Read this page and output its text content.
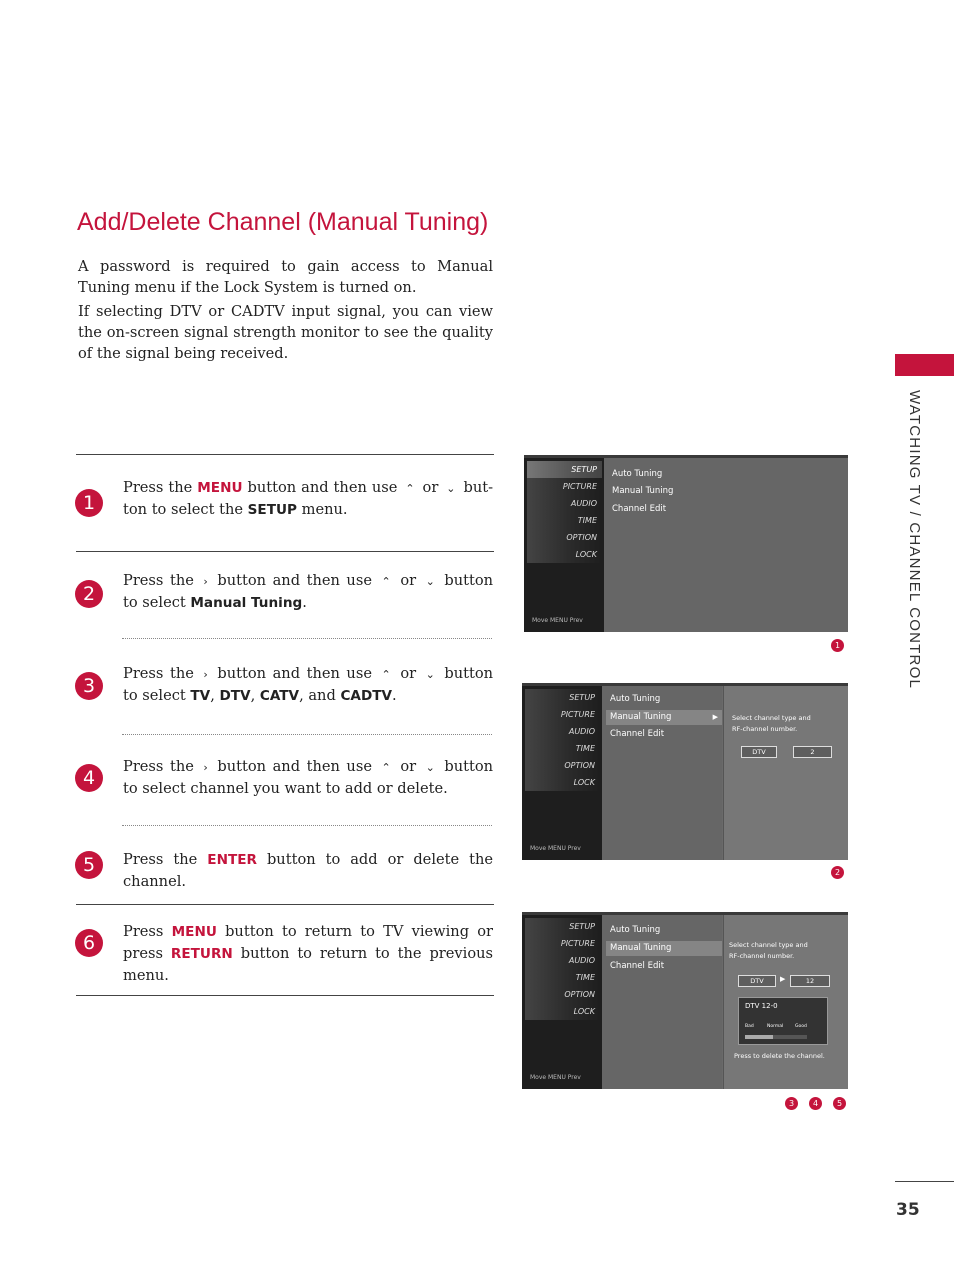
Add/Delete Channel (Manual Tuning)

A password is required to gain access to Manual Tuning menu if the Lock System is turned on.

If selecting DTV or CADTV input signal, you can view the on-screen signal strength monitor to see the quality of the signal being received.

1
Press the MENU button and then use ⌃ or ⌄ but- ton to select the SETUP menu.
2
Press the › button and then use ⌃ or ⌄ button to select Manual Tuning.
3
Press the › button and then use ⌃ or ⌄ button to select TV, DTV, CATV, and CADTV.
4
Press the › button and then use ⌃ or ⌄ button to select channel you want to add or delete.
5	Press the ENTER button to add or delete the channel.
6
Press MENU button to return to TV viewing or press RETURN button to return to the previous menu.
WATCHING TV / CHANNEL CONTROL
35
SETUP
PICTURE
AUDIO
TIME
OPTION
LOCK
Move MENU Prev
Auto Tuning
Manual Tuning
Channel Edit
1
SETUP
PICTURE
AUDIO
TIME
OPTION
LOCK
Move MENU Prev
Auto Tuning
Manual Tuning	▶
Channel Edit
Select channel type and
RF-channel number.
DTV	2
2
SETUP
PICTURE
AUDIO
TIME
OPTION
LOCK
Move MENU Prev
Auto Tuning
Manual Tuning
Channel Edit
Select channel type and
RF-channel number.
DTV	▶	12
DTV 12-0
Bad	Normal	Good
Press to delete the channel.
3	4	5
